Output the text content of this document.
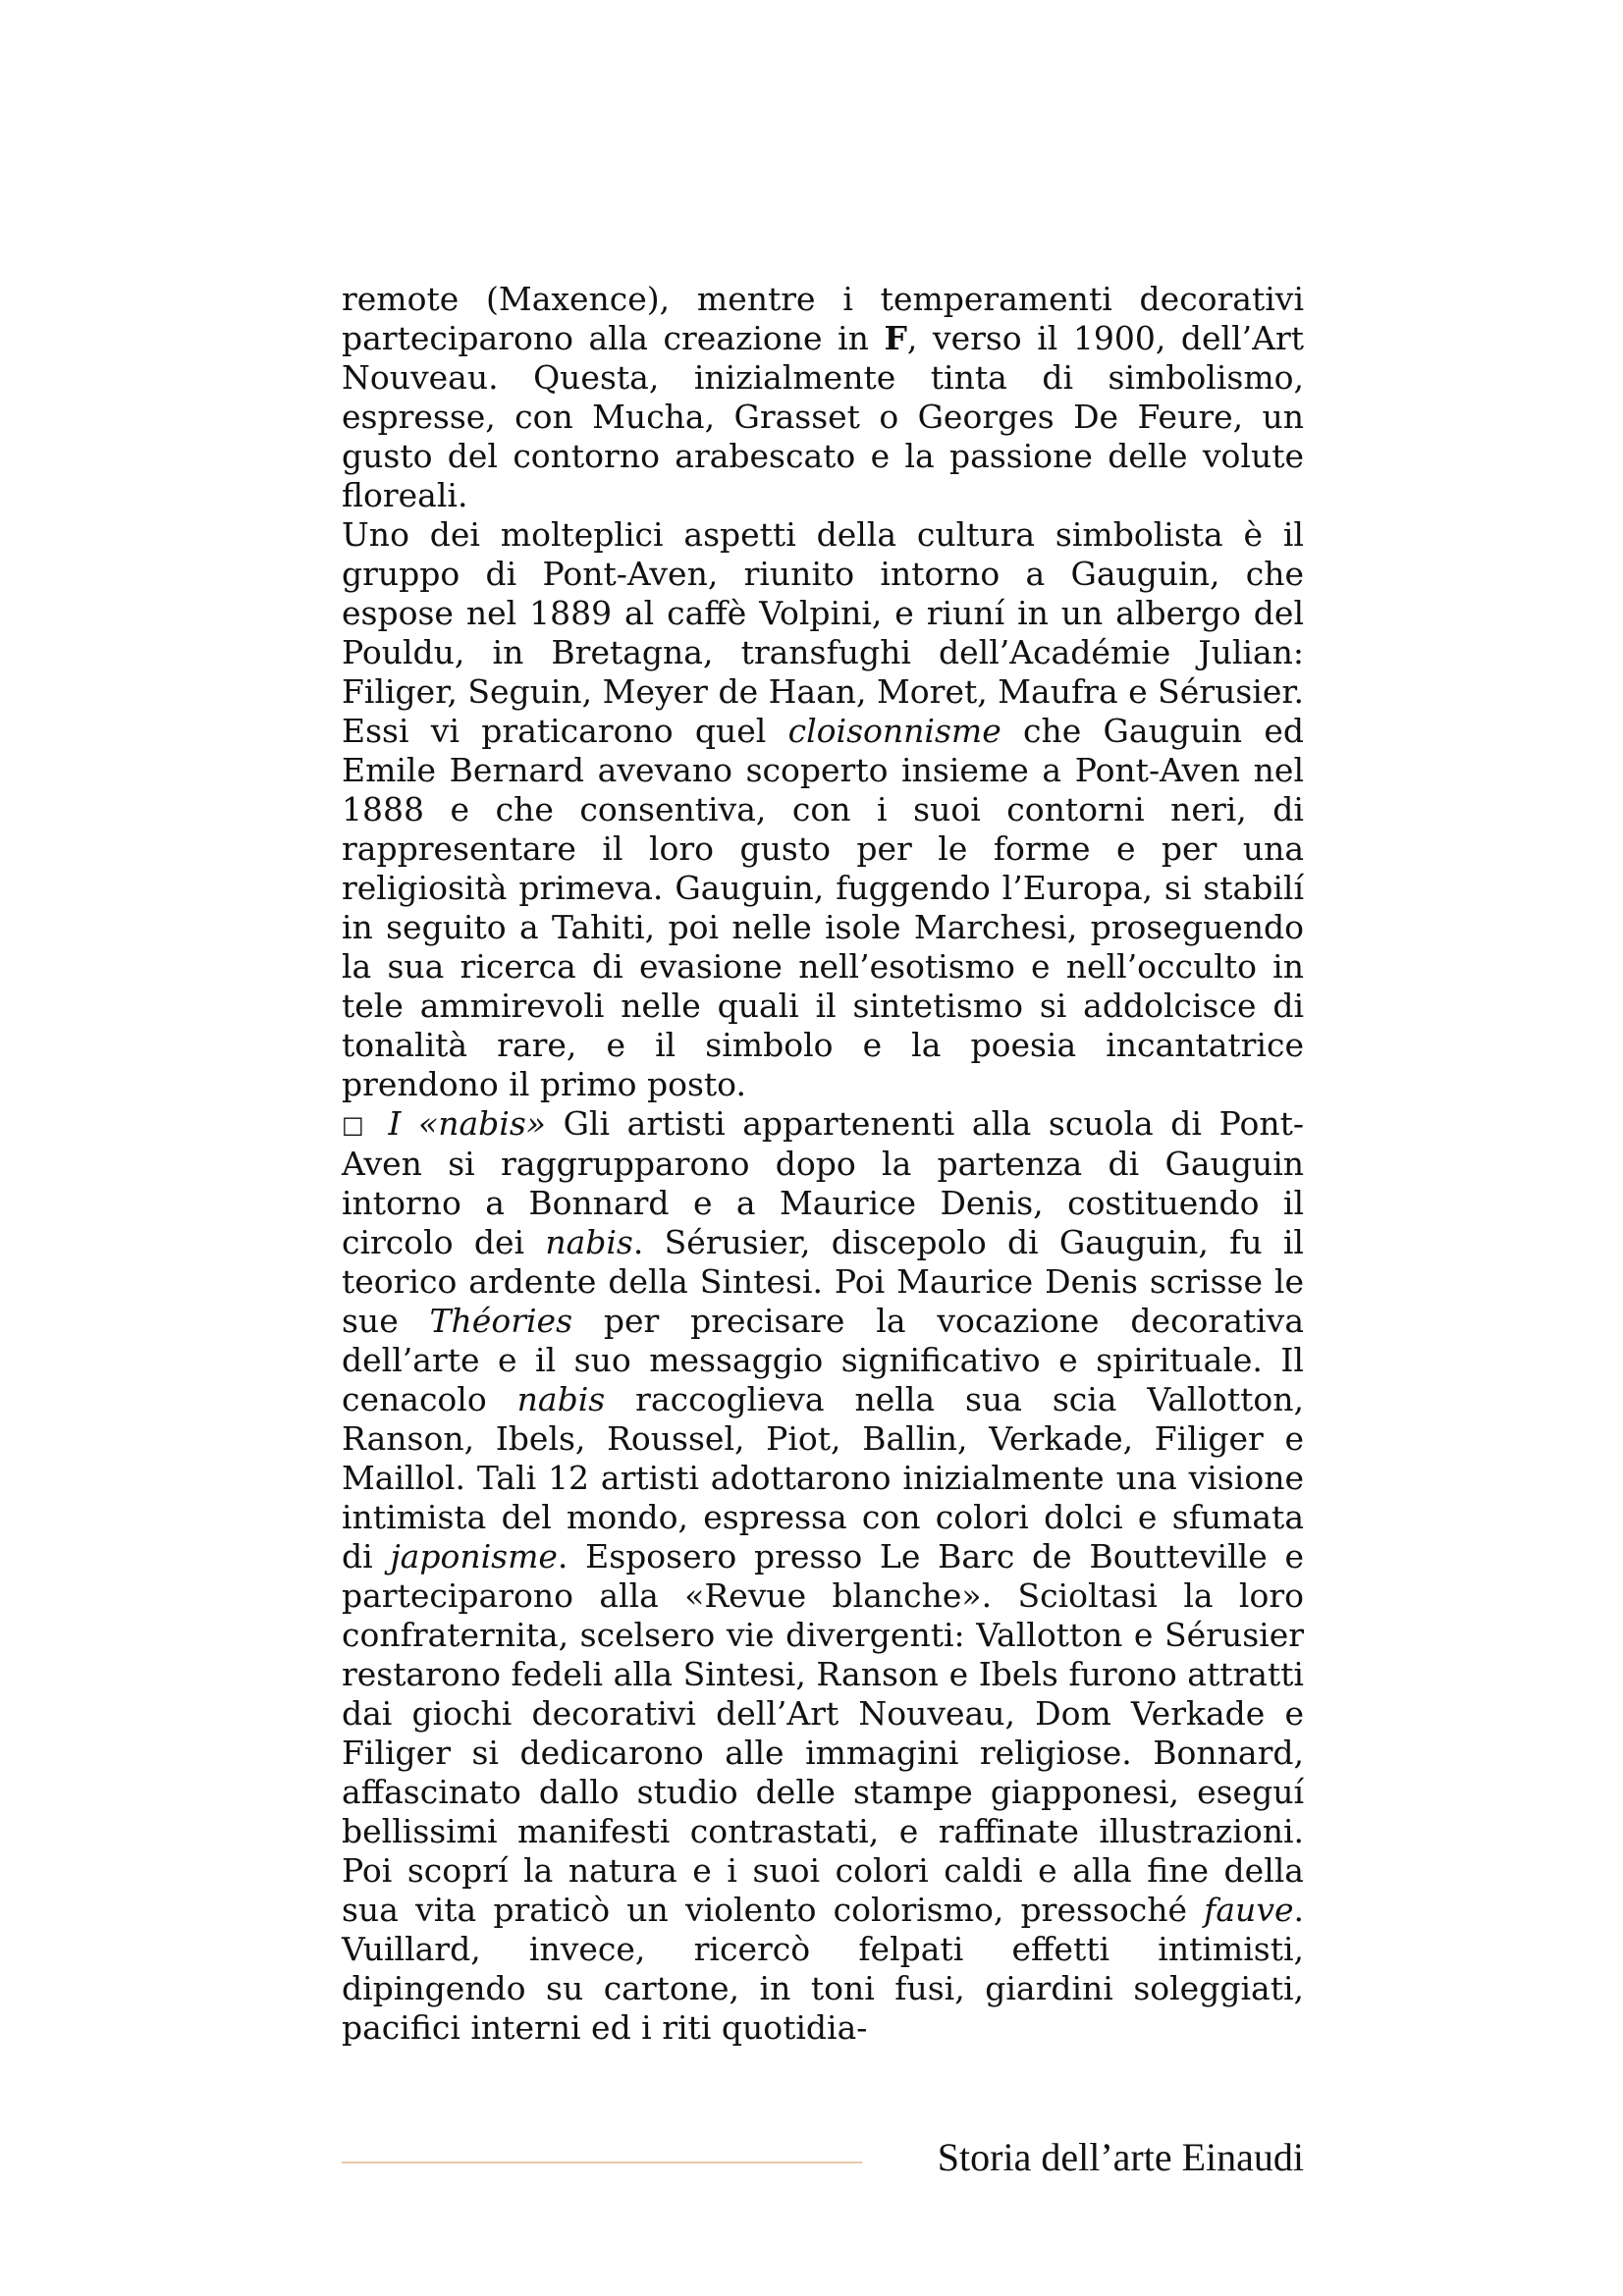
remote (Maxence), mentre i temperamenti decorativi parteciparono alla creazione in F, verso il 1900, dell’Art Nouveau. Questa, inizialmente tinta di simbolismo, espresse, con Mucha, Grasset o Georges De Feure, un gusto del contorno arabescato e la passione delle volute floreali.

Uno dei molteplici aspetti della cultura simbolista è il gruppo di Pont-Aven, riunito intorno a Gauguin, che espose nel 1889 al caffè Volpini, e riuní in un albergo del Pouldu, in Bretagna, transfughi dell’Académie Julian: Filiger, Seguin, Meyer de Haan, Moret, Maufra e Sérusier. Essi vi praticarono quel cloisonnisme che Gauguin ed Emile Bernard avevano scoperto insieme a Pont-Aven nel 1888 e che consentiva, con i suoi contorni neri, di rappresentare il loro gusto per le forme e per una religiosità primeva. Gauguin, fuggendo l’Europa, si stabilí in seguito a Tahiti, poi nelle isole Marchesi, proseguendo la sua ricerca di evasione nell’esotismo e nell’occulto in tele ammirevoli nelle quali il sintetismo si addolcisce di tonalità rare, e il simbolo e la poesia incantatrice prendono il primo posto.

□ I «nabis» Gli artisti appartenenti alla scuola di Pont-Aven si raggrupparono dopo la partenza di Gauguin intorno a Bonnard e a Maurice Denis, costituendo il circolo dei nabis. Sérusier, discepolo di Gauguin, fu il teorico ardente della Sintesi. Poi Maurice Denis scrisse le sue Théories per precisare la vocazione decorativa dell’arte e il suo messaggio significativo e spirituale. Il cenacolo nabis raccoglieva nella sua scia Vallotton, Ranson, Ibels, Roussel, Piot, Ballin, Verkade, Filiger e Maillol. Tali 12 artisti adottarono inizialmente una visione intimista del mondo, espressa con colori dolci e sfumata di japonisme. Esposero presso Le Barc de Boutteville e parteciparono alla «Revue blanche». Scioltasi la loro confraternita, scelsero vie divergenti: Vallotton e Sérusier restarono fedeli alla Sintesi, Ranson e Ibels furono attratti dai giochi decorativi dell’Art Nouveau, Dom Verkade e Filiger si dedicarono alle immagini religiose. Bonnard, affascinato dallo studio delle stampe giapponesi, eseguí bellissimi manifesti contrastati, e raffinate illustrazioni. Poi scoprí la natura e i suoi colori caldi e alla fine della sua vita praticò un violento colorismo, pressoché fauve. Vuillard, invece, ricercò felpati effetti intimisti, dipingendo su cartone, in toni fusi, giardini soleggiati, pacifici interni ed i riti quotidia-

Storia dell’arte Einaudi
